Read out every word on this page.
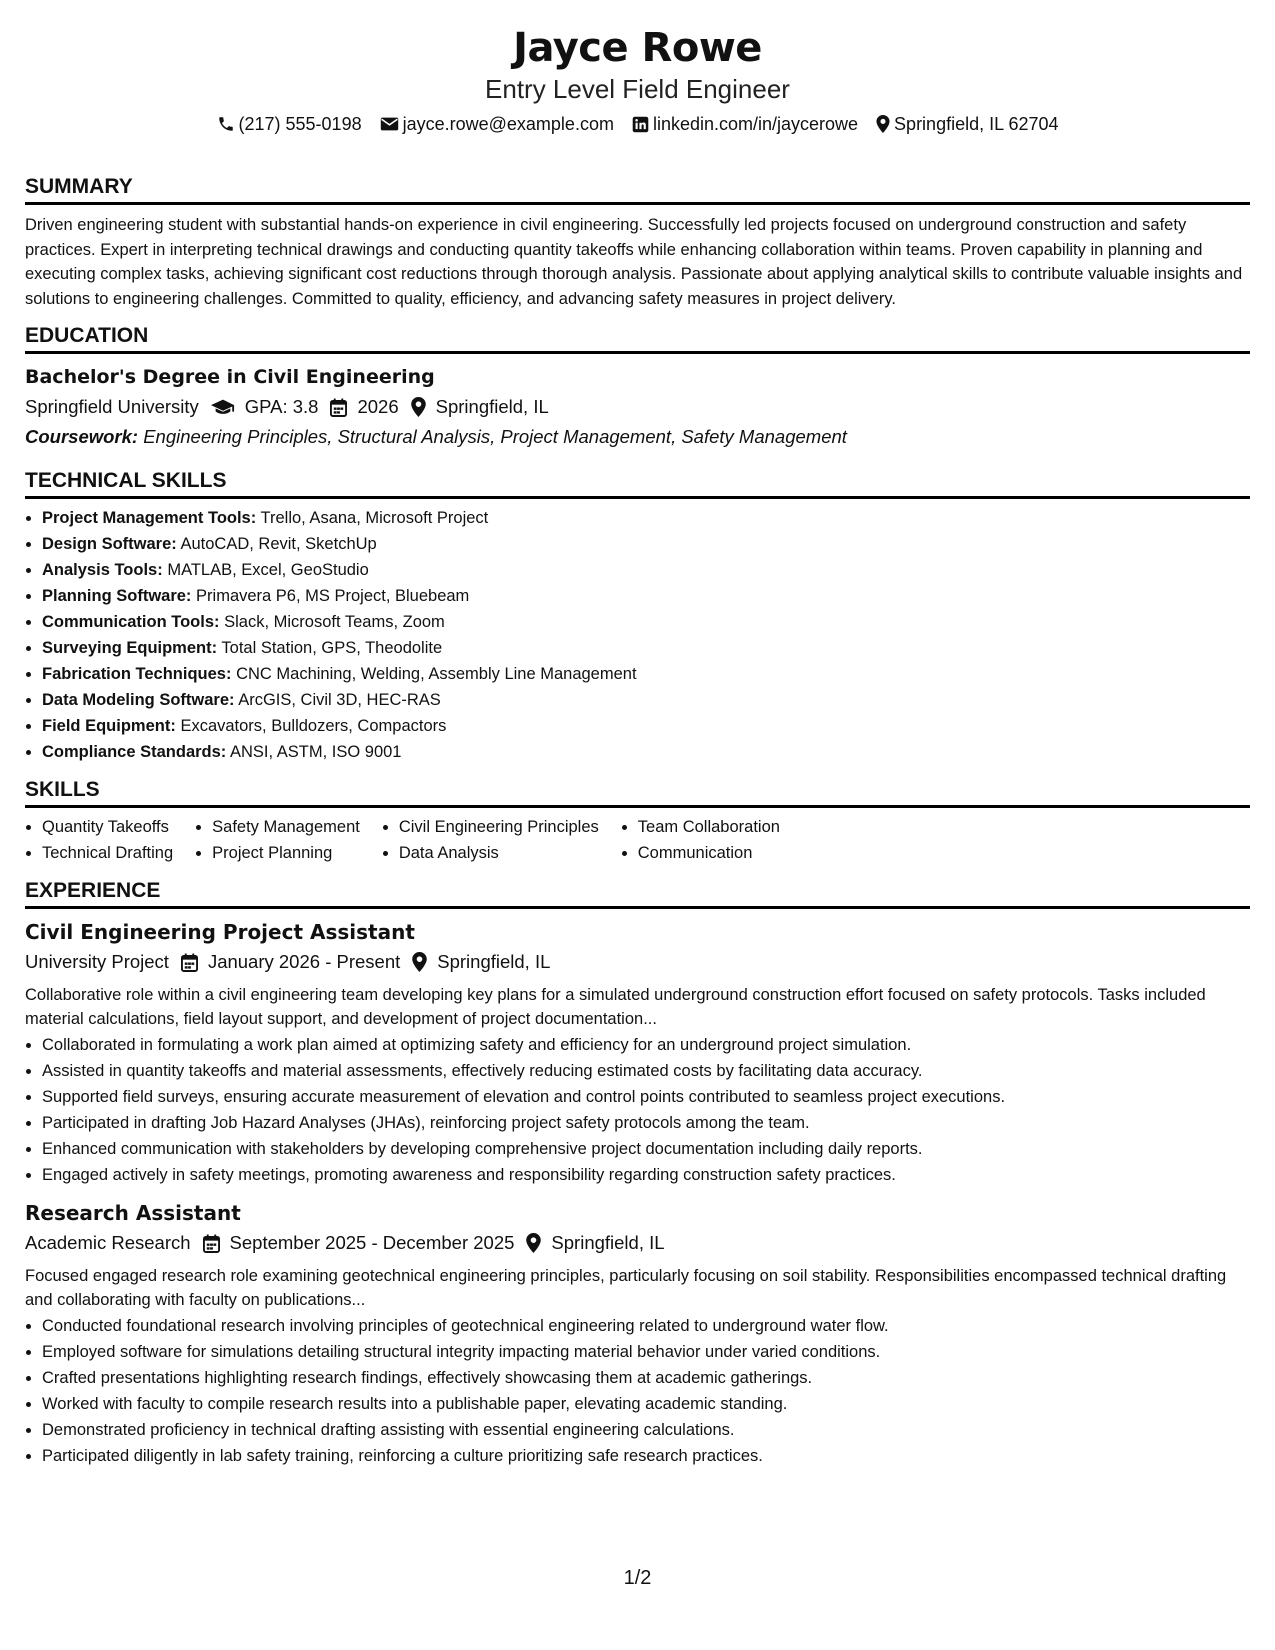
Jayce Rowe
Entry Level Field Engineer
(217) 555-0198 jayce.rowe@example.com linkedin.com/in/jaycerowe Springfield, IL 62704
SUMMARY
Driven engineering student with substantial hands-on experience in civil engineering. Successfully led projects focused on underground construction and safety practices. Expert in interpreting technical drawings and conducting quantity takeoffs while enhancing collaboration within teams. Proven capability in planning and executing complex tasks, achieving significant cost reductions through thorough analysis. Passionate about applying analytical skills to contribute valuable insights and solutions to engineering challenges. Committed to quality, efficiency, and advancing safety measures in project delivery.
EDUCATION
Bachelor's Degree in Civil Engineering
Springfield University GPA: 3.8 2026 Springfield, IL
Coursework: Engineering Principles, Structural Analysis, Project Management, Safety Management
TECHNICAL SKILLS
• Project Management Tools: Trello, Asana, Microsoft Project
• Design Software: AutoCAD, Revit, SketchUp
• Analysis Tools: MATLAB, Excel, GeoStudio
• Planning Software: Primavera P6, MS Project, Bluebeam
• Communication Tools: Slack, Microsoft Teams, Zoom
• Surveying Equipment: Total Station, GPS, Theodolite
• Fabrication Techniques: CNC Machining, Welding, Assembly Line Management
• Data Modeling Software: ArcGIS, Civil 3D, HEC-RAS
• Field Equipment: Excavators, Bulldozers, Compactors
• Compliance Standards: ANSI, ASTM, ISO 9001
SKILLS
• Quantity Takeoffs
• Technical Drafting
• Safety Management
• Project Planning
• Civil Engineering Principles
• Data Analysis
• Team Collaboration
• Communication
EXPERIENCE
Civil Engineering Project Assistant
University Project January 2026 - Present Springfield, IL
Collaborative role within a civil engineering team developing key plans for a simulated underground construction effort focused on safety protocols. Tasks included material calculations, field layout support, and development of project documentation...
• Collaborated in formulating a work plan aimed at optimizing safety and efficiency for an underground project simulation.
• Assisted in quantity takeoffs and material assessments, effectively reducing estimated costs by facilitating data accuracy.
• Supported field surveys, ensuring accurate measurement of elevation and control points contributed to seamless project executions.
• Participated in drafting Job Hazard Analyses (JHAs), reinforcing project safety protocols among the team.
• Enhanced communication with stakeholders by developing comprehensive project documentation including daily reports.
• Engaged actively in safety meetings, promoting awareness and responsibility regarding construction safety practices.
Research Assistant
Academic Research September 2025 - December 2025 Springfield, IL
Focused engaged research role examining geotechnical engineering principles, particularly focusing on soil stability. Responsibilities encompassed technical drafting and collaborating with faculty on publications...
• Conducted foundational research involving principles of geotechnical engineering related to underground water flow.
• Employed software for simulations detailing structural integrity impacting material behavior under varied conditions.
• Crafted presentations highlighting research findings, effectively showcasing them at academic gatherings.
• Worked with faculty to compile research results into a publishable paper, elevating academic standing.
• Demonstrated proficiency in technical drafting assisting with essential engineering calculations.
• Participated diligently in lab safety training, reinforcing a culture prioritizing safe research practices.
1/2
